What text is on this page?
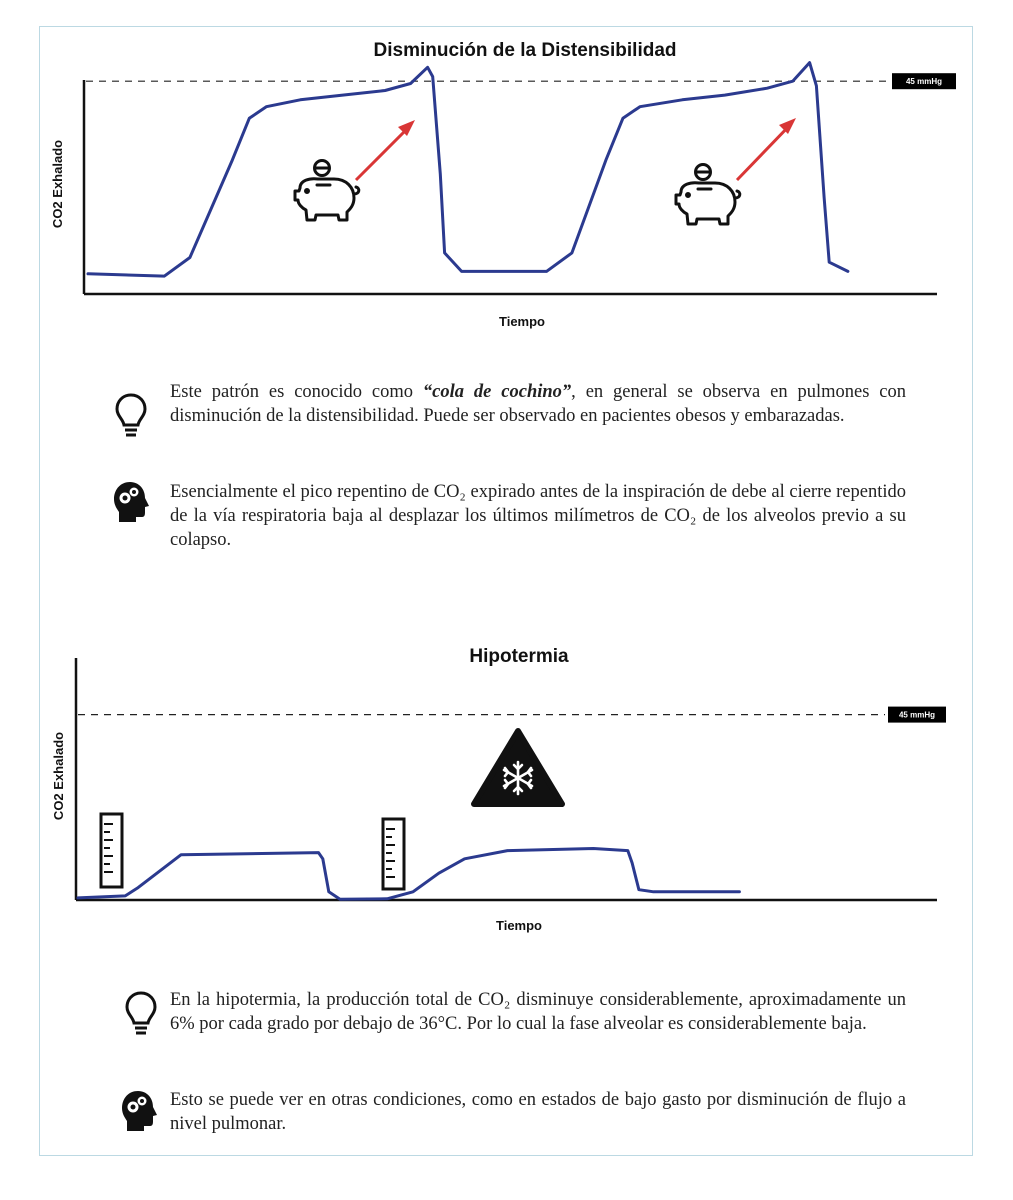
Disminución de la Distensibilidad
CO2 Exhalado
Tiempo
45 mmHg
Este patrón es conocido como “cola de cochino”, en general se observa en pulmones con disminución de la distensibilidad. Puede ser observado en pacientes obesos y embarazadas.
Esencialmente el pico repentino de CO₂ expirado antes de la inspiración de debe al cierre repentido de la vía respiratoria baja al desplazar los últimos milímetros de CO₂ de los alveolos previo a su colapso.
Hipotermia
CO2 Exhalado
Tiempo
45 mmHg
En la hipotermia, la producción total de CO₂ disminuye considerablemente, aproximadamente un 6% por cada grado por debajo de 36°C. Por lo cual la fase alveolar es considerablemente baja.
Esto se puede ver en otras condiciones, como en estados de bajo gasto por disminución de flujo a nivel pulmonar.
